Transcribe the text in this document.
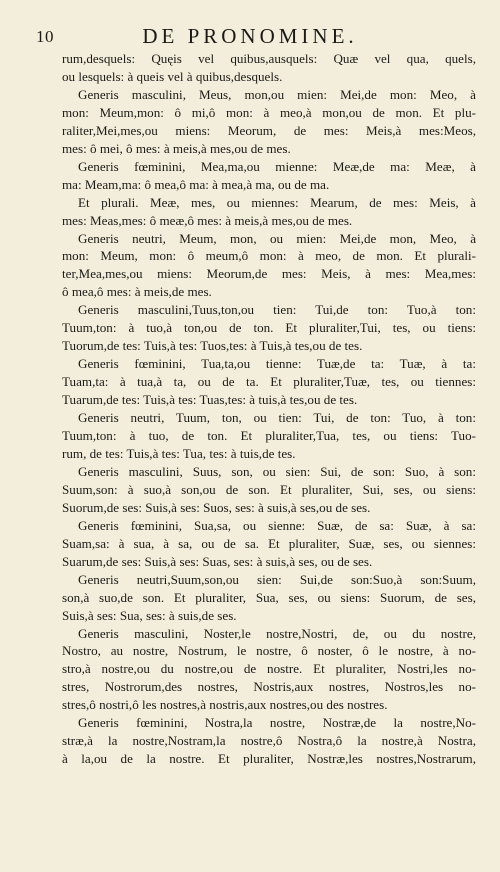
10	DE PRONOMINE.
rum,desquels: Quęis vel quibus,ausquels: Quæ vel qua, quels,
ou lesquels: à queis vel à quibus,desquels.
Generis masculini, Meus, mon,ou mien: Mei,de mon: Meo, à
mon: Meum,mon: ô mi,ô mon: à meo,à mon,ou de mon. Et plu-
raliter,Mei,mes,ou miens: Meorum, de mes: Meis,à mes:Meos,
mes: ô mei, ô mes: à meis,à mes,ou de mes.
Generis fœminini, Mea,ma,ou mienne: Meæ,de ma: Meæ, à
ma: Meam,ma: ô mea,ô ma: à mea,à ma, ou de ma.
Et plurali. Meæ, mes, ou miennes: Mearum, de mes: Meis, à
mes: Meas,mes: ô meæ,ô mes: à meis,à mes,ou de mes.
Generis neutri, Meum, mon, ou mien: Mei,de mon, Meo, à
mon: Meum, mon: ô meum,ô mon: à meo, de mon. Et plurali-
ter,Mea,mes,ou miens: Meorum,de mes: Meis, à mes: Mea,mes:
ô mea,ô mes: à meis,de mes.
Generis masculini,Tuus,ton,ou tien: Tui,de ton: Tuo,à ton:
Tuum,ton: à tuo,à ton,ou de ton. Et pluraliter,Tui, tes, ou tiens:
Tuorum,de tes: Tuis,à tes: Tuos,tes: à Tuis,à tes,ou de tes.
Generis fœminini, Tua,ta,ou tienne: Tuæ,de ta: Tuæ, à ta:
Tuam,ta: à tua,à ta, ou de ta. Et pluraliter,Tuæ, tes, ou tiennes:
Tuarum,de tes: Tuis,à tes: Tuas,tes: à tuis,à tes,ou de tes.
Generis neutri, Tuum, ton, ou tien: Tui, de ton: Tuo, à ton:
Tuum,ton: à tuo, de ton. Et pluraliter,Tua, tes, ou tiens: Tuo-
rum, de tes: Tuis,à tes: Tua, tes: à tuis,de tes.
Generis masculini, Suus, son, ou sien: Sui, de son: Suo, à son:
Suum,son: à suo,à son,ou de son. Et pluraliter, Sui, ses, ou siens:
Suorum,de ses: Suis,à ses: Suos, ses: à suis,à ses,ou de ses.
Generis fœminini, Sua,sa, ou sienne: Suæ, de sa: Suæ, à sa:
Suam,sa: à sua, à sa, ou de sa. Et pluraliter, Suæ, ses, ou siennes:
Suarum,de ses: Suis,à ses: Suas, ses: à suis,à ses, ou de ses.
Generis neutri,Suum,son,ou sien: Sui,de son:Suo,à son:Suum,
son,à suo,de son. Et pluraliter, Sua, ses, ou siens: Suorum, de ses,
Suis,à ses: Sua, ses: à suis,de ses.
Generis masculini, Noster,le nostre,Nostri, de, ou du nostre,
Nostro, au nostre, Nostrum, le nostre, ô noster, ô le nostre, à no-
stro,à nostre,ou du nostre,ou de nostre. Et pluraliter, Nostri,les no-
stres, Nostrorum,des nostres, Nostris,aux nostres, Nostros,les no-
stres,ô nostri,ô les nostres,à nostris,aux nostres,ou des nostres.
Generis fœminini, Nostra,la nostre, Nostræ,de la nostre,No-
stræ,à la nostre,Nostram,la nostre,ô Nostra,ô la nostre,à Nostra,
à la,ou de la nostre. Et pluraliter, Nostræ,les nostres,Nostrarum,
